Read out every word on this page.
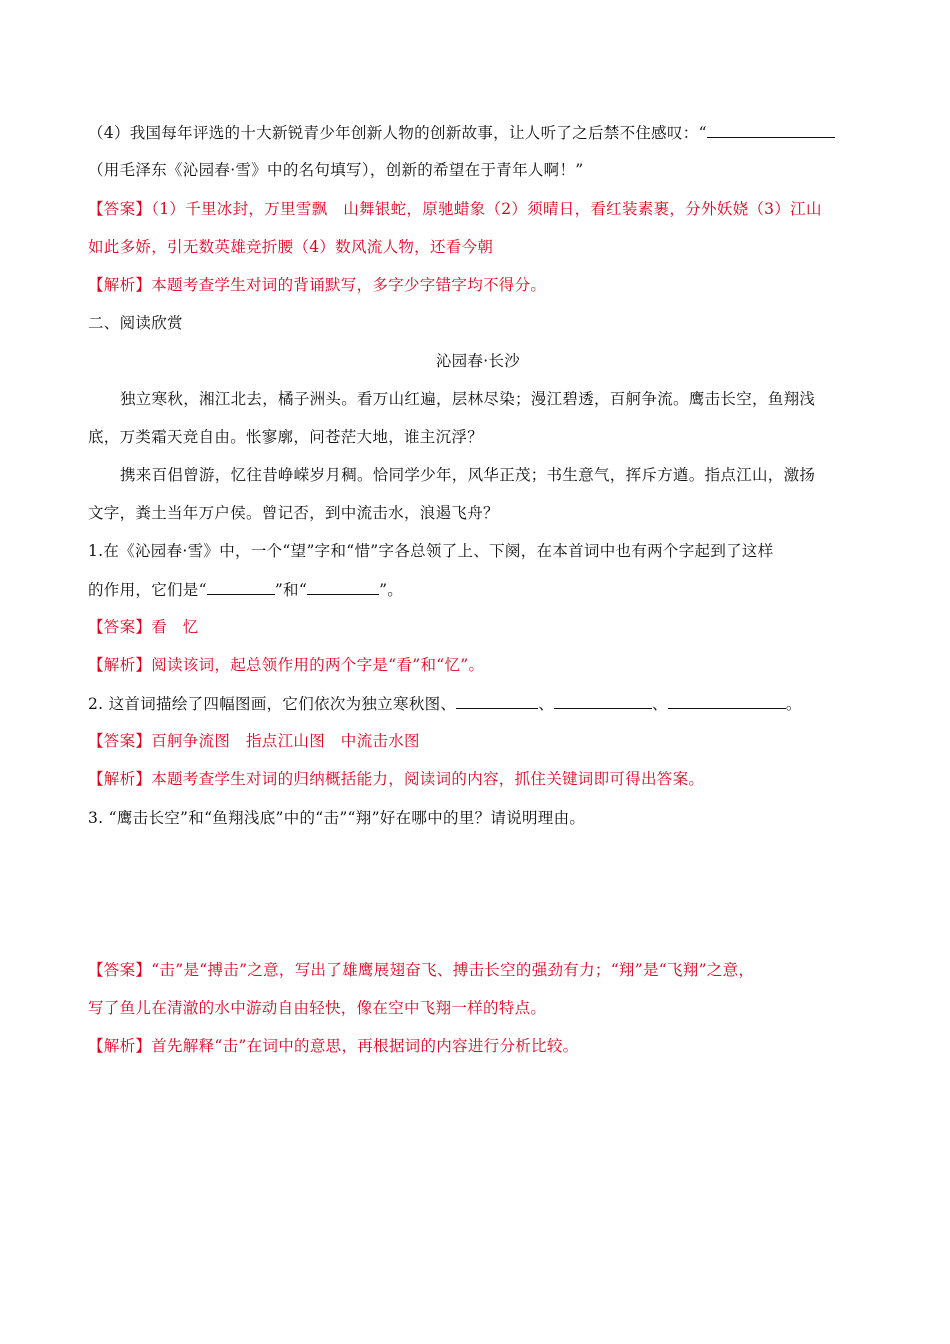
（4）我国每年评选的十大新锐青少年创新人物的创新故事，让人听了之后禁不住感叹：“
（用毛泽东《沁园春·雪》中的名句填写），创新的希望在于青年人啊！”
【答案】（1）千里冰封，万里雪飘　山舞银蛇，原驰蜡象（2）须晴日，看红装素裹，分外妖娆（3）江山
如此多娇，引无数英雄竞折腰（4）数风流人物，还看今朝
【解析】本题考查学生对词的背诵默写，多字少字错字均不得分。
二、阅读欣赏
沁园春·长沙
独立寒秋，湘江北去，橘子洲头。看万山红遍，层林尽染；漫江碧透，百舸争流。鹰击长空，鱼翔浅
底，万类霜天竞自由。怅寥廓，问苍茫大地，谁主沉浮？
携来百侣曾游，忆往昔峥嵘岁月稠。恰同学少年，风华正茂；书生意气，挥斥方遒。指点江山，激扬
文字，粪土当年万户侯。曾记否，到中流击水，浪遏飞舟？
1.在《沁园春·雪》中，一个“望”字和“惜”字各总领了上、下阕，在本首词中也有两个字起到了这样
的作用，它们是“	”和“	”。
【答案】看　忆
【解析】阅读该词，起总领作用的两个字是“看”和“忆”。
2. 这首词描绘了四幅图画，它们依次为独立寒秋图、	、	、	。
【答案】百舸争流图　指点江山图　中流击水图
【解析】本题考查学生对词的归纳概括能力，阅读词的内容，抓住关键词即可得出答案。
3. “鹰击长空”和“鱼翔浅底”中的“击”“翔”好在哪中的里？请说明理由。
【答案】“击”是“搏击”之意，写出了雄鹰展翅奋飞、搏击长空的强劲有力；“翔”是“飞翔”之意，
写了鱼儿在清澈的水中游动自由轻快，像在空中飞翔一样的特点。
【解析】首先解释“击”在词中的意思，再根据词的内容进行分析比较。
